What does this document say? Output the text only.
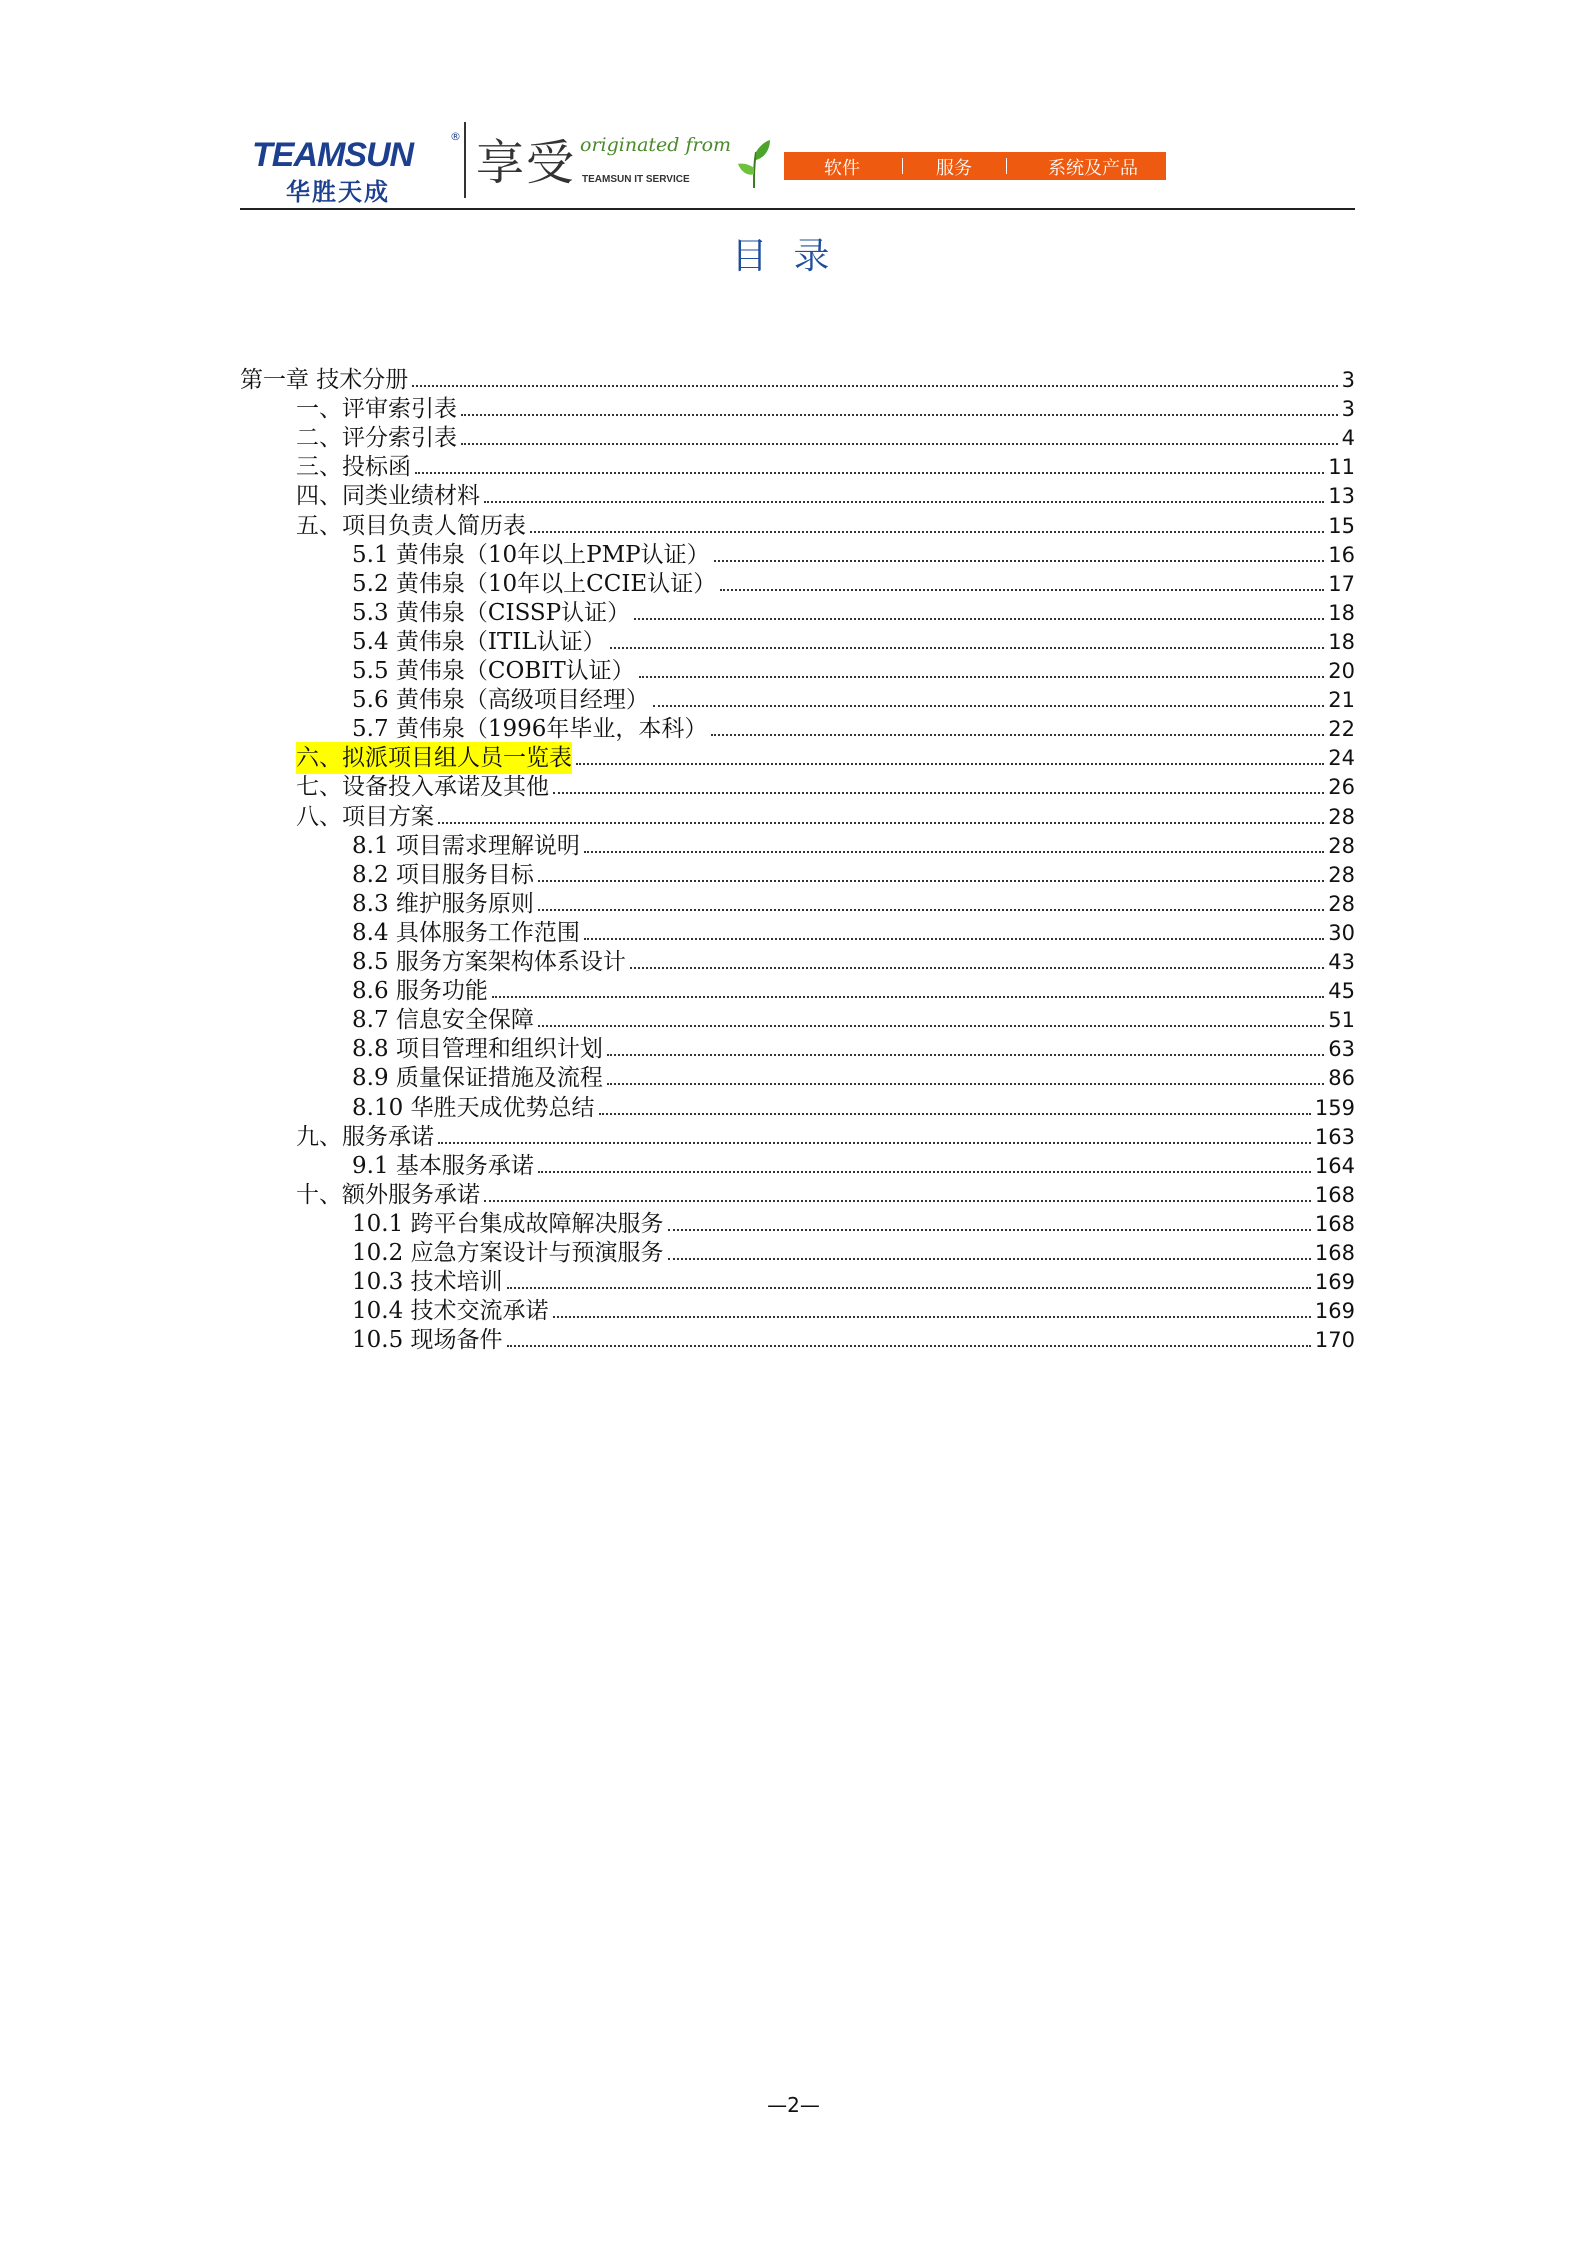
TEAMSUN	®
华胜天成
享受 originated from
TEAMSUN IT SERVICE
软件	服务	系统及产品
目录
第一章 技术分册	3
一、评审索引表	3
二、评分索引表	4
三、投标函	11
四、同类业绩材料	13
五、项目负责人简历表	15
5.1 黄伟泉（10年以上PMP认证）	16
5.2 黄伟泉（10年以上CCIE认证）	17
5.3 黄伟泉（CISSP认证）	18
5.4 黄伟泉（ITIL认证）	18
5.5 黄伟泉（COBIT认证）	20
5.6 黄伟泉（高级项目经理）	21
5.7 黄伟泉（1996年毕业，本科）	22
六、拟派项目组人员一览表	24
七、设备投入承诺及其他	26
八、项目方案	28
8.1 项目需求理解说明	28
8.2 项目服务目标	28
8.3 维护服务原则	28
8.4 具体服务工作范围	30
8.5 服务方案架构体系设计	43
8.6 服务功能	45
8.7 信息安全保障	51
8.8 项目管理和组织计划	63
8.9 质量保证措施及流程	86
8.10 华胜天成优势总结	159
九、服务承诺	163
9.1 基本服务承诺	164
十、额外服务承诺	168
10.1 跨平台集成故障解决服务	168
10.2 应急方案设计与预演服务	168
10.3 技术培训	169
10.4 技术交流承诺	169
10.5 现场备件	170
—2—
